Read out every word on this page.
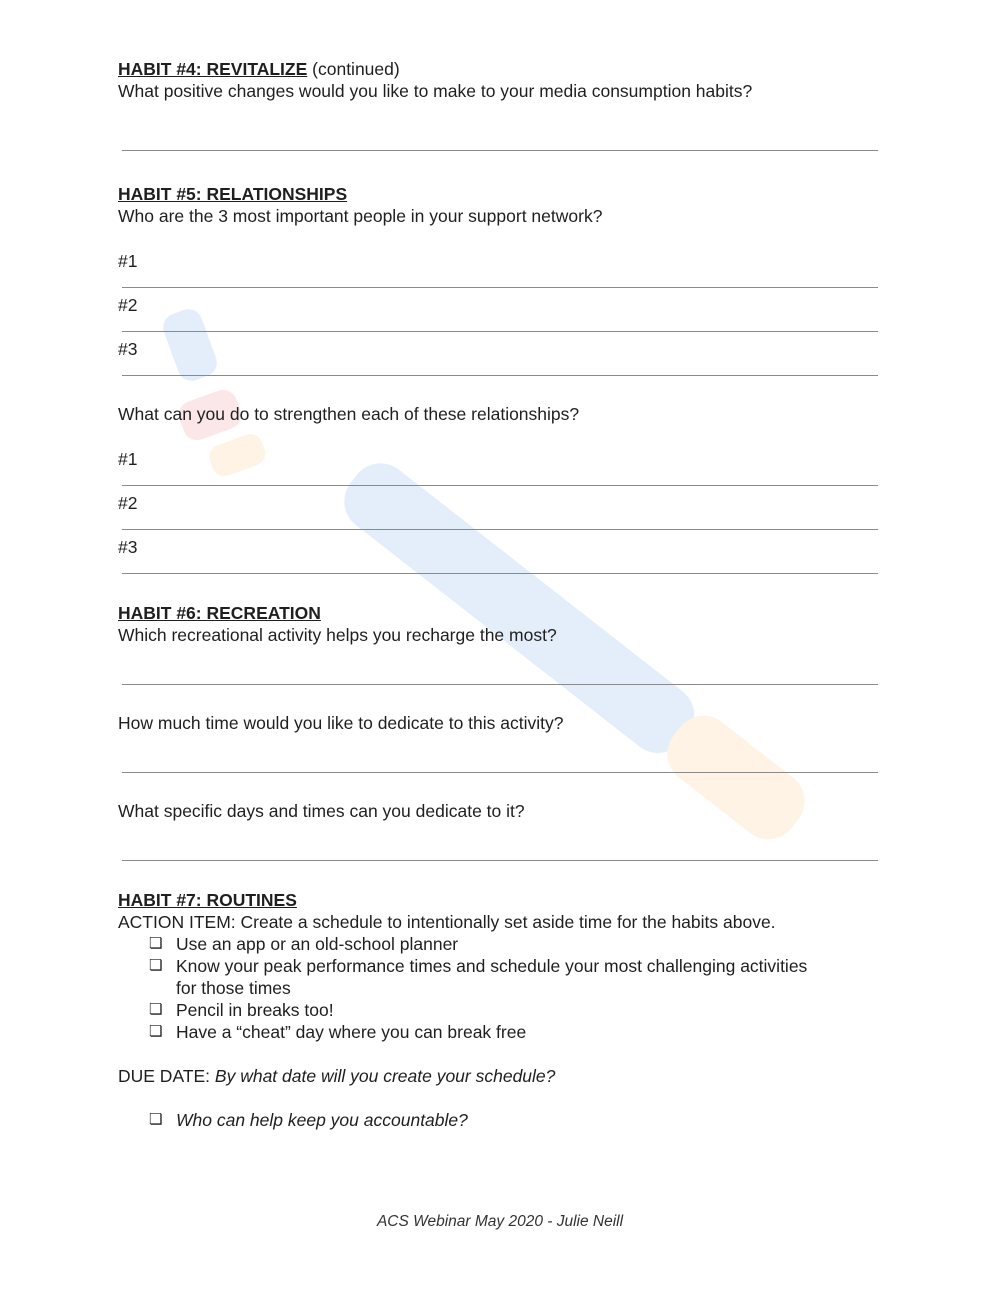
HABIT #4: REVITALIZE (continued)
What positive changes would you like to make to your media consumption habits?
HABIT #5: RELATIONSHIPS
Who are the 3 most important people in your support network?
#1
#2
#3
What can you do to strengthen each of these relationships?
#1
#2
#3
HABIT #6: RECREATION
Which recreational activity helps you recharge the most?
How much time would you like to dedicate to this activity?
What specific days and times can you dedicate to it?
HABIT #7: ROUTINES
ACTION ITEM: Create a schedule to intentionally set aside time for the habits above.
❏ Use an app or an old-school planner
❏ Know your peak performance times and schedule your most challenging activities
for those times
❏ Pencil in breaks too!
❏ Have a “cheat” day where you can break free
DUE DATE: By what date will you create your schedule?
❏ Who can help keep you accountable?
ACS Webinar May 2020 - Julie Neill
